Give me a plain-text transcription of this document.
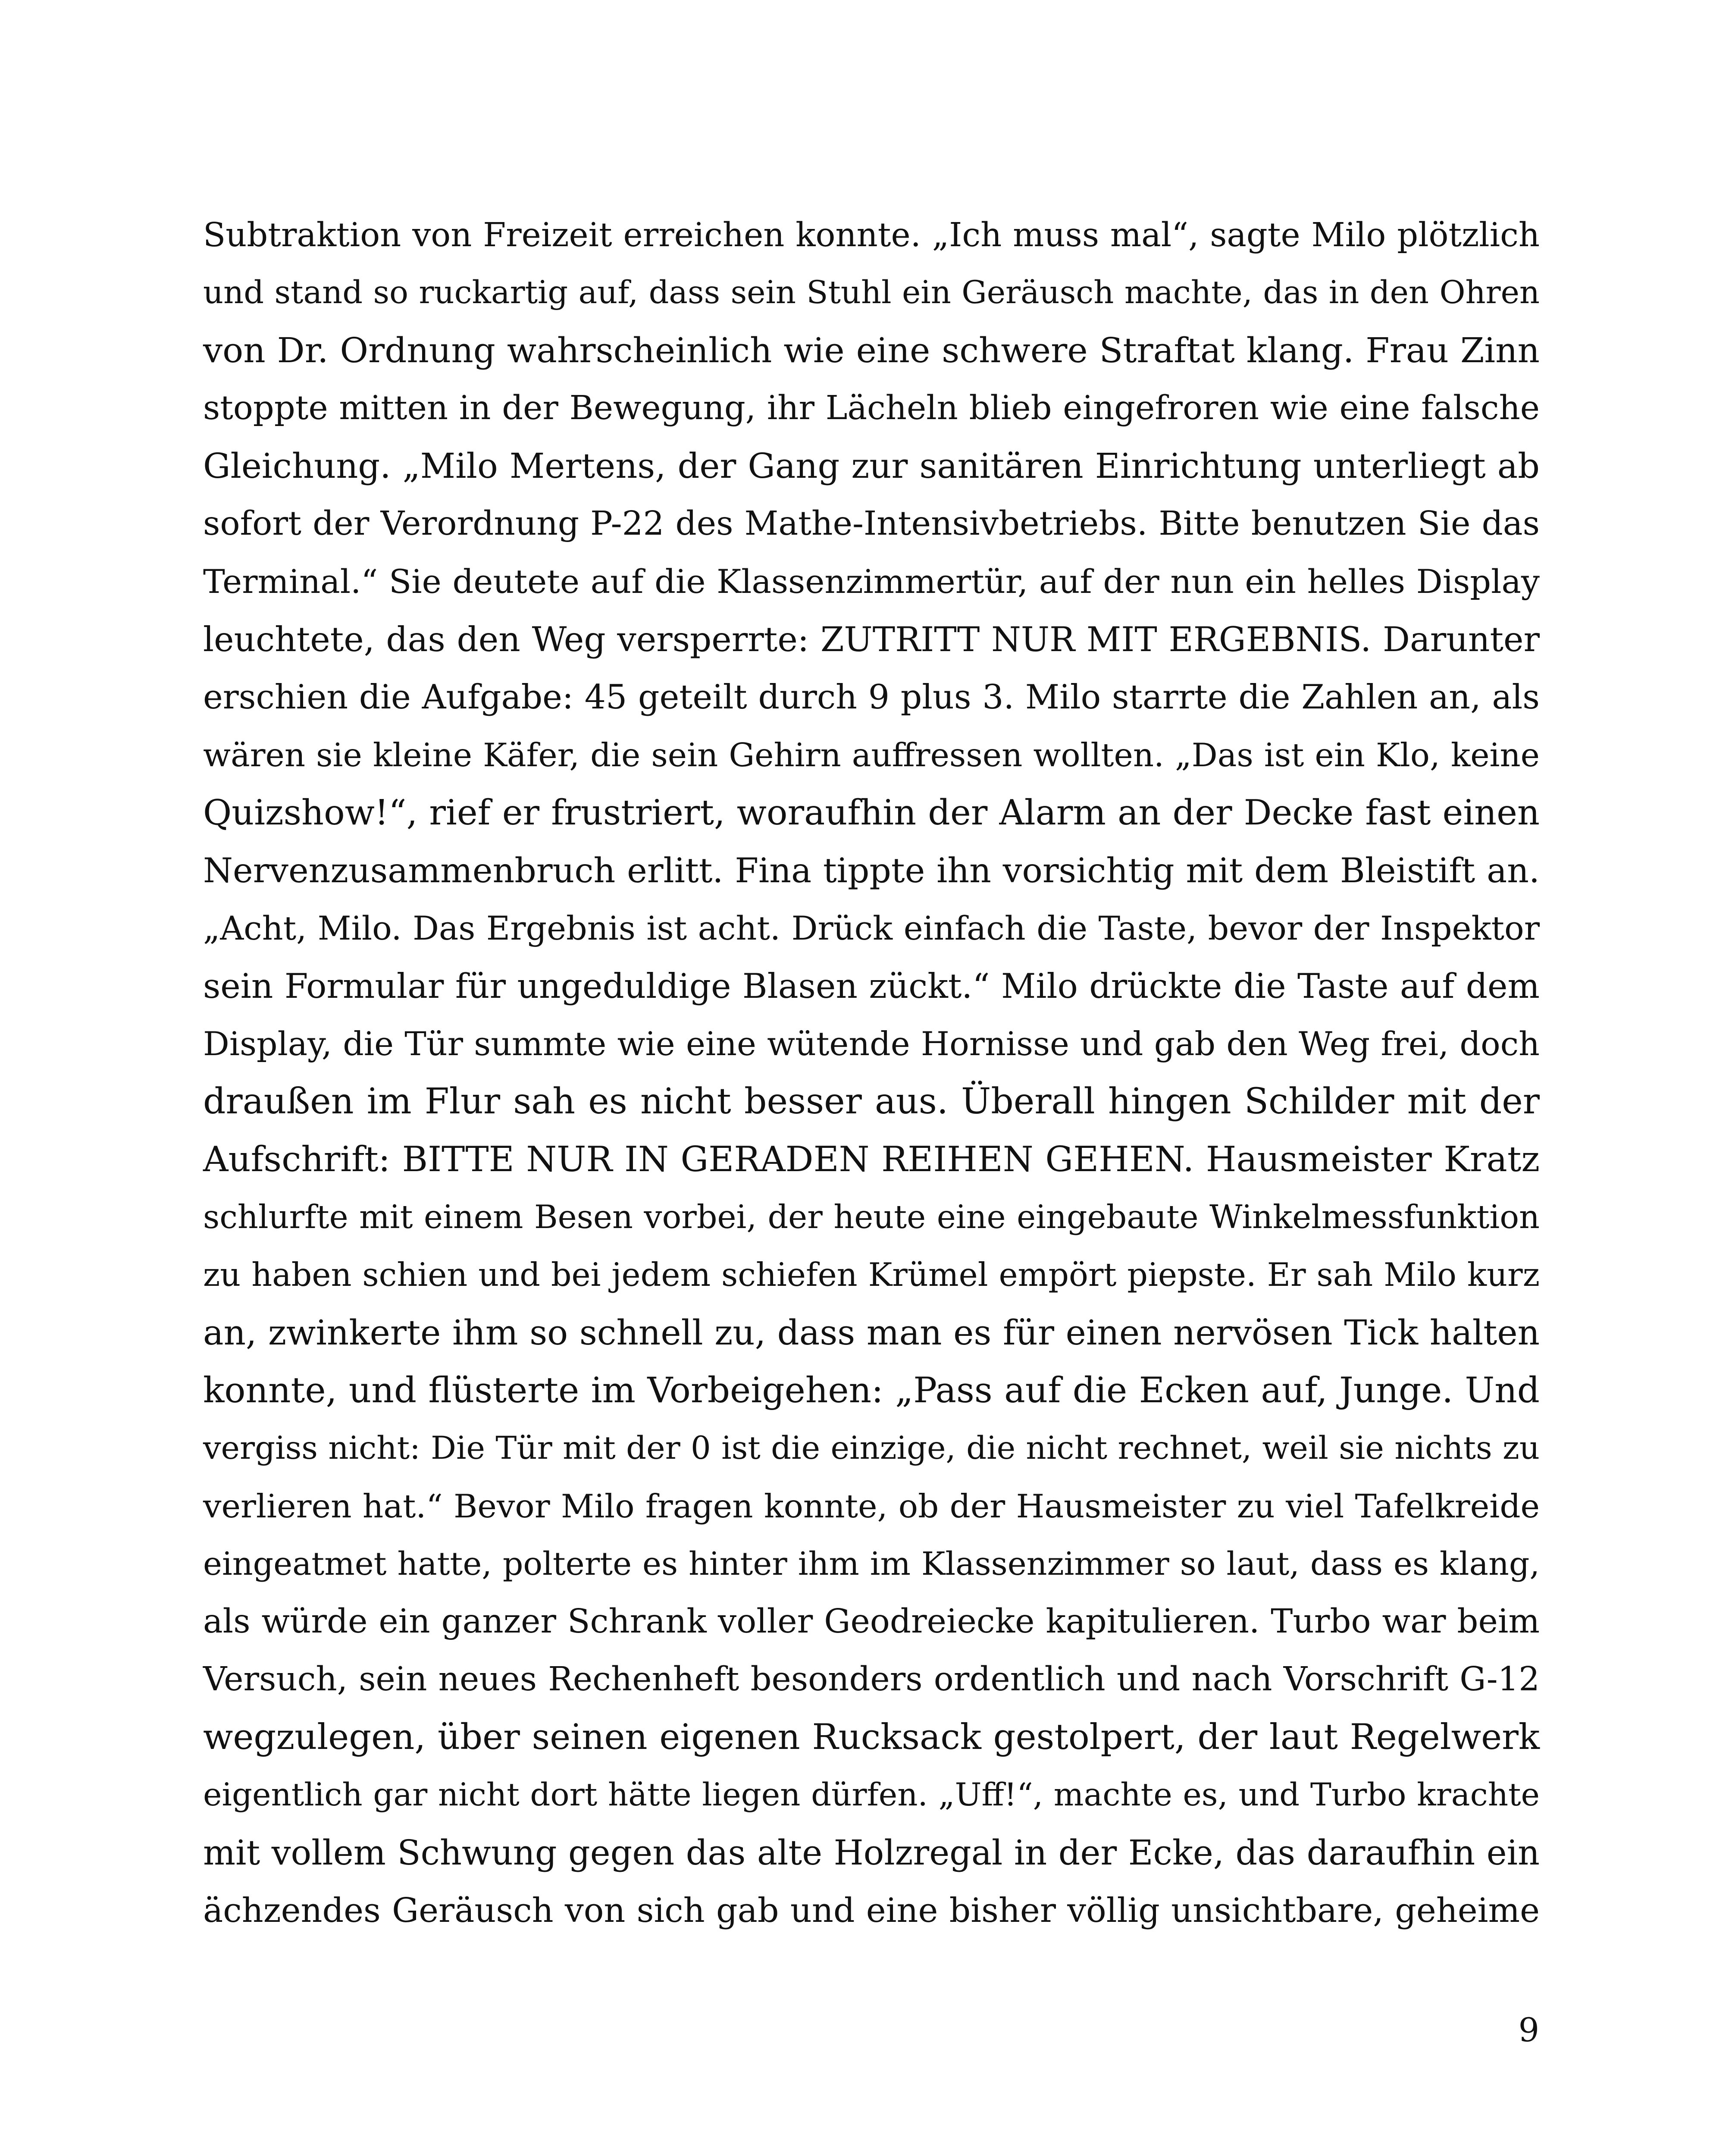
Subtraktion von Freizeit erreichen konnte. „Ich muss mal“, sagte Milo plötzlich
und stand so ruckartig auf, dass sein Stuhl ein Geräusch machte, das in den Ohren
von Dr. Ordnung wahrscheinlich wie eine schwere Straftat klang. Frau Zinn
stoppte mitten in der Bewegung, ihr Lächeln blieb eingefroren wie eine falsche
Gleichung. „Milo Mertens, der Gang zur sanitären Einrichtung unterliegt ab
sofort der Verordnung P-22 des Mathe-Intensivbetriebs. Bitte benutzen Sie das
Terminal.“ Sie deutete auf die Klassenzimmertür, auf der nun ein helles Display
leuchtete, das den Weg versperrte: ZUTRITT NUR MIT ERGEBNIS. Darunter
erschien die Aufgabe: 45 geteilt durch 9 plus 3. Milo starrte die Zahlen an, als
wären sie kleine Käfer, die sein Gehirn auffressen wollten. „Das ist ein Klo, keine
Quizshow!“, rief er frustriert, woraufhin der Alarm an der Decke fast einen
Nervenzusammenbruch erlitt. Fina tippte ihn vorsichtig mit dem Bleistift an.
„Acht, Milo. Das Ergebnis ist acht. Drück einfach die Taste, bevor der Inspektor
sein Formular für ungeduldige Blasen zückt.“ Milo drückte die Taste auf dem
Display, die Tür summte wie eine wütende Hornisse und gab den Weg frei, doch
draußen im Flur sah es nicht besser aus. Überall hingen Schilder mit der
Aufschrift: BITTE NUR IN GERADEN REIHEN GEHEN. Hausmeister Kratz
schlurfte mit einem Besen vorbei, der heute eine eingebaute Winkelmessfunktion
zu haben schien und bei jedem schiefen Krümel empört piepste. Er sah Milo kurz
an, zwinkerte ihm so schnell zu, dass man es für einen nervösen Tick halten
konnte, und flüsterte im Vorbeigehen: „Pass auf die Ecken auf, Junge. Und
vergiss nicht: Die Tür mit der 0 ist die einzige, die nicht rechnet, weil sie nichts zu
verlieren hat.“ Bevor Milo fragen konnte, ob der Hausmeister zu viel Tafelkreide
eingeatmet hatte, polterte es hinter ihm im Klassenzimmer so laut, dass es klang,
als würde ein ganzer Schrank voller Geodreiecke kapitulieren. Turbo war beim
Versuch, sein neues Rechenheft besonders ordentlich und nach Vorschrift G-12
wegzulegen, über seinen eigenen Rucksack gestolpert, der laut Regelwerk
eigentlich gar nicht dort hätte liegen dürfen. „Uff!“, machte es, und Turbo krachte
mit vollem Schwung gegen das alte Holzregal in der Ecke, das daraufhin ein
ächzendes Geräusch von sich gab und eine bisher völlig unsichtbare, geheime
9
